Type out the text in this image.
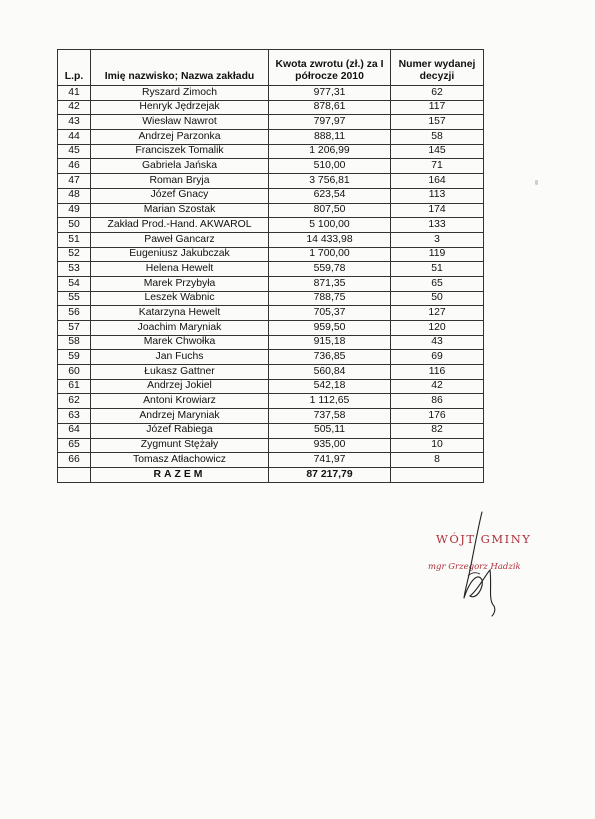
L.p.	Imię nazwisko; Nazwa zakładu	Kwota zwrotu (zł.) za I półrocze 2010	Numer wydanej decyzji
41	Ryszard Zimoch	977,31	62
42	Henryk Jędrzejak	878,61	117
43	Wiesław Nawrot	797,97	157
44	Andrzej Parzonka	888,11	58
45	Franciszek Tomalik	1 206,99	145
46	Gabriela Jańska	510,00	71
47	Roman Bryja	3 756,81	164
48	Józef Gnacy	623,54	113
49	Marian Szostak	807,50	174
50	Zakład Prod.-Hand. AKWAROL	5 100,00	133
51	Paweł Gancarz	14 433,98	3
52	Eugeniusz Jakubczak	1 700,00	119
53	Helena Hewelt	559,78	51
54	Marek Przybyła	871,35	65
55	Leszek Wabnic	788,75	50
56	Katarzyna Hewelt	705,37	127
57	Joachim Maryniak	959,50	120
58	Marek Chwołka	915,18	43
59	Jan Fuchs	736,85	69
60	Łukasz Gattner	560,84	116
61	Andrzej Jokiel	542,18	42
62	Antoni Krowiarz	1 112,65	86
63	Andrzej Maryniak	737,58	176
64	Józef Rabiega	505,11	82
65	Zygmunt Stężały	935,00	10
66	Tomasz Atłachowicz	741,97	8
	RAZEM	87 217,79	
WÓJT GMINY
mgr Grzegorz Hadzik
